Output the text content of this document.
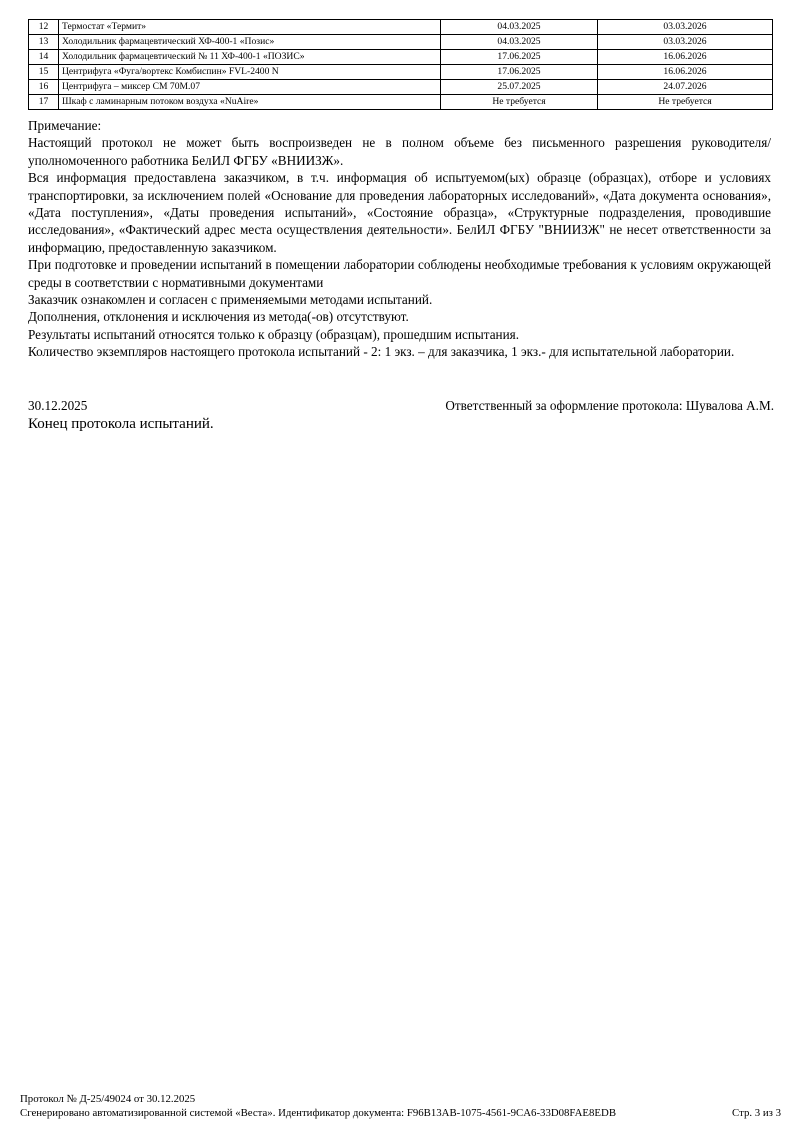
12	Термостат «Термит»	04.03.2025	03.03.2026
13	Холодильник фармацевтический ХФ-400-1 «Позис»	04.03.2025	03.03.2026
14	Холодильник фармацевтический № 11 ХФ-400-1 «ПОЗИС»	17.06.2025	16.06.2026
15	Центрифуга «Фуга/вортекс Комбиспин» FVL-2400 N	17.06.2025	16.06.2026
16	Центрифуга – миксер СМ 70М.07	25.07.2025	24.07.2026
17	Шкаф с ламинарным потоком воздуха «NuAire»	Не требуется	Не требуется

Примечание:

Настоящий протокол не может быть воспроизведен не в полном объеме без письменного разрешения руководителя/уполномоченного работника БелИЛ ФГБУ «ВНИИЗЖ».

Вся информация предоставлена заказчиком, в т.ч. информация об испытуемом(ых) образце (образцах), отборе и условиях транспортировки, за исключением полей «Основание для проведения лабораторных исследований», «Дата документа основания», «Дата поступления», «Даты проведения испытаний», «Состояние образца», «Структурные подразделения, проводившие исследования», «Фактический адрес места осуществления деятельности». БелИЛ ФГБУ "ВНИИЗЖ" не несет ответственности за информацию, предоставленную заказчиком.

При подготовке и проведении испытаний в помещении лаборатории соблюдены необходимые требования к условиям окружающей среды в соответствии с нормативными документами

Заказчик ознакомлен и согласен с применяемыми методами испытаний.

Дополнения, отклонения и исключения из метода(-ов) отсутствуют.

Результаты испытаний относятся только к образцу (образцам), прошедшим испытания.

Количество экземпляров настоящего протокола испытаний - 2: 1 экз. – для заказчика, 1 экз.- для испытательной лаборатории.

30.12.2025	Ответственный за оформление протокола: Шувалова А.М.
Конец протокола испытаний.
Протокол № Д-25/49024 от 30.12.2025
Сгенерировано автоматизированной системой «Веста». Идентификатор документа: F96B13AB-1075-4561-9CA6-33D08FAE8EDB	Стр. 3 из 3
